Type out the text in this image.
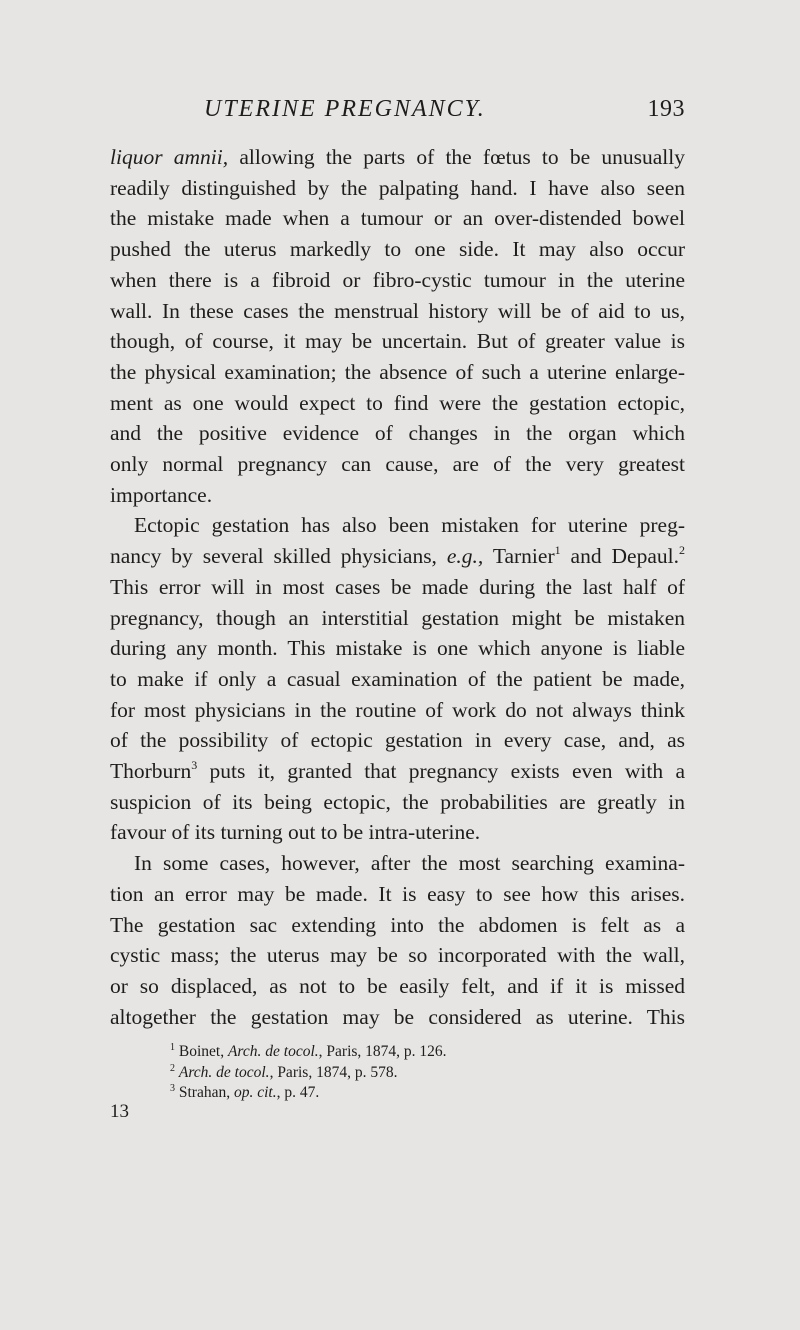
UTERINE PREGNANCY.	193

liquor amnii, allowing the parts of the fœtus to be unusually
readily distinguished by the palpating hand. I have also seen
the mistake made when a tumour or an over-distended bowel
pushed the uterus markedly to one side. It may also occur
when there is a fibroid or fibro-cystic tumour in the uterine
wall. In these cases the menstrual history will be of aid to us,
though, of course, it may be uncertain. But of greater value is
the physical examination; the absence of such a uterine enlarge-
ment as one would expect to find were the gestation ectopic,
and the positive evidence of changes in the organ which
only normal pregnancy can cause, are of the very greatest
importance.

Ectopic gestation has also been mistaken for uterine preg-
nancy by several skilled physicians, e.g., Tarnier$^1$ and Depaul.$^2$
This error will in most cases be made during the last half of
pregnancy, though an interstitial gestation might be mistaken
during any month. This mistake is one which anyone is liable
to make if only a casual examination of the patient be made,
for most physicians in the routine of work do not always think
of the possibility of ectopic gestation in every case, and, as
Thorburn$^3$ puts it, granted that pregnancy exists even with a
suspicion of its being ectopic, the probabilities are greatly in
favour of its turning out to be intra-uterine.

In some cases, however, after the most searching examina-
tion an error may be made. It is easy to see how this arises.
The gestation sac extending into the abdomen is felt as a
cystic mass; the uterus may be so incorporated with the wall,
or so displaced, as not to be easily felt, and if it is missed
altogether the gestation may be considered as uterine. This

$^1$ Boinet, Arch. de tocol., Paris, 1874, p. 126.

$^2$ Arch. de tocol., Paris, 1874, p. 578.

$^3$ Strahan, op. cit., p. 47.

13
